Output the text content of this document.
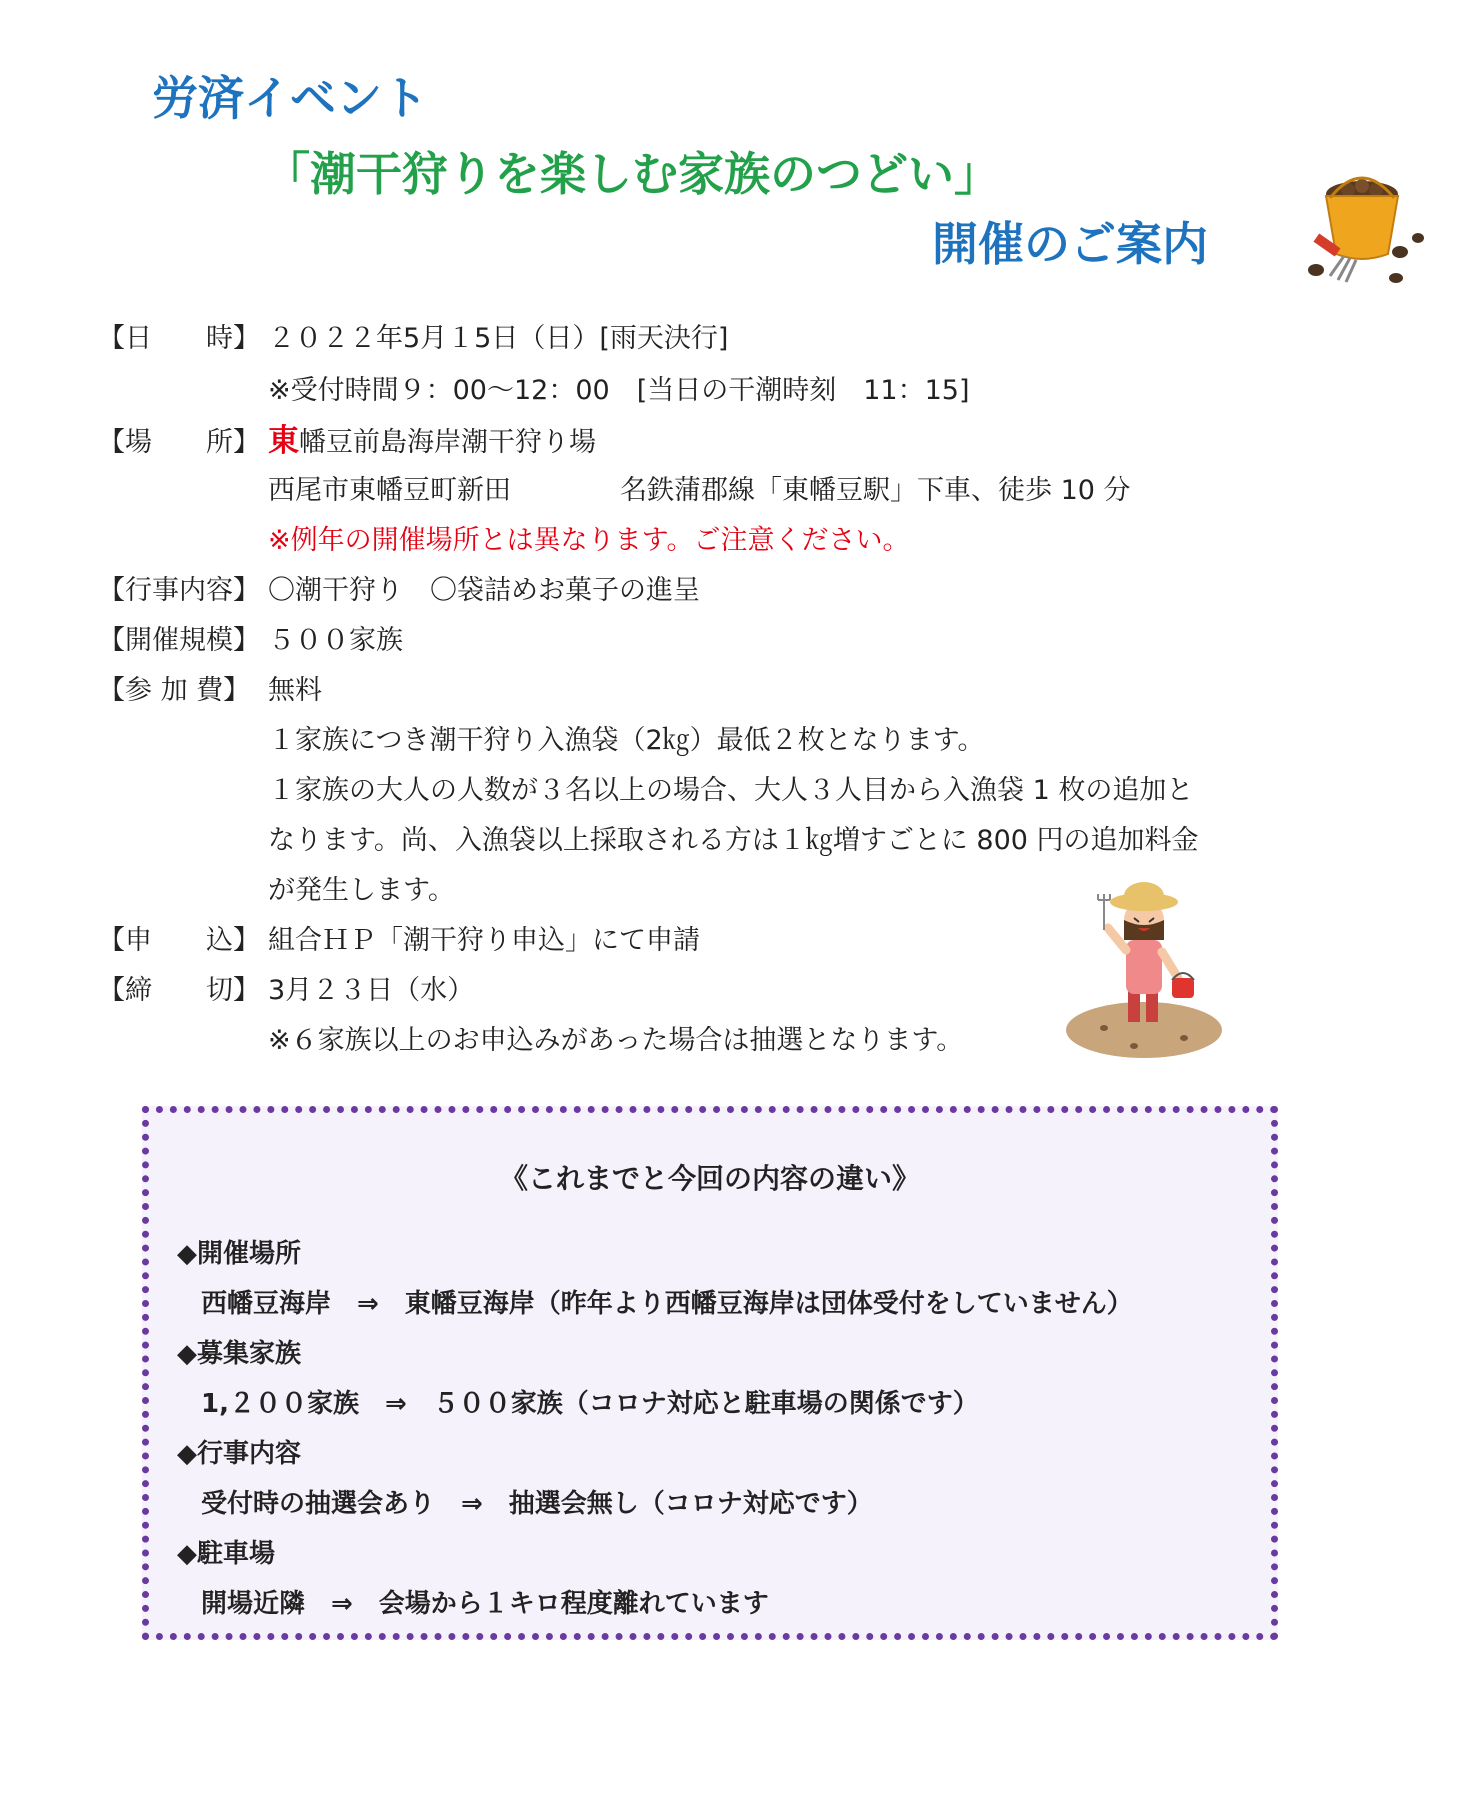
労済イベント
「潮干狩りを楽しむ家族のつどい」
開催のご案内
【日　　時】 ２０２２年5月１5日（日）[雨天決行]
※受付時間９：00～12：00　[当日の干潮時刻　11：15]
【場　　所】 東幡豆前島海岸潮干狩り場
西尾市東幡豆町新田	名鉄蒲郡線「東幡豆駅」下車、徒歩 10 分
※例年の開催場所とは異なります。ご注意ください。
【行事内容】 〇潮干狩り　〇袋詰めお菓子の進呈
【開催規模】 ５００家族
【参 加 費】 無料
１家族につき潮干狩り入漁袋（2㎏）最低２枚となります。
１家族の大人の人数が３名以上の場合、大人３人目から入漁袋 1 枚の追加と
なります。尚、入漁袋以上採取される方は１㎏増すごとに 800 円の追加料金
が発生します。
【申　　込】 組合ＨＰ「潮干狩り申込」にて申請
【締　　切】 3月２３日（水）
※６家族以上のお申込みがあった場合は抽選となります。
《これまでと今回の内容の違い》
◆開催場所
西幡豆海岸　⇒　東幡豆海岸（昨年より西幡豆海岸は団体受付をしていません）
◆募集家族
1,２００家族　⇒　５００家族（コロナ対応と駐車場の関係です）
◆行事内容
受付時の抽選会あり　⇒　抽選会無し（コロナ対応です）
◆駐車場
開場近隣　⇒　会場から１キロ程度離れています
